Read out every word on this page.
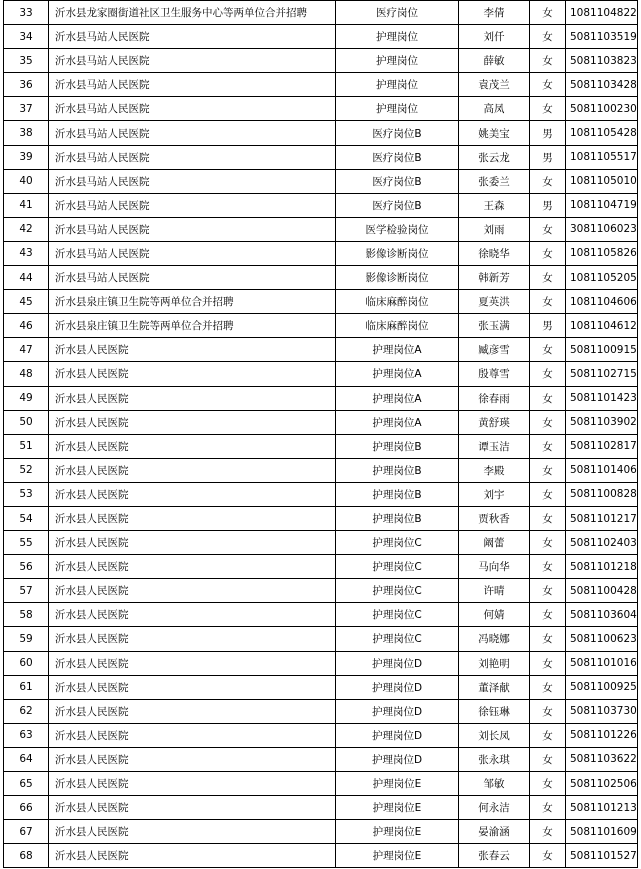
33	沂水县龙家圈街道社区卫生服务中心等两单位合并招聘	医疗岗位	李倩	女	1081104822
34	沂水县马站人民医院	护理岗位	刘仟	女	5081103519
35	沂水县马站人民医院	护理岗位	薛敏	女	5081103823
36	沂水县马站人民医院	护理岗位	袁茂兰	女	5081103428
37	沂水县马站人民医院	护理岗位	高凤	女	5081100230
38	沂水县马站人民医院	医疗岗位B	姚美宝	男	1081105428
39	沂水县马站人民医院	医疗岗位B	张云龙	男	1081105517
40	沂水县马站人民医院	医疗岗位B	张委兰	女	1081105010
41	沂水县马站人民医院	医疗岗位B	王森	男	1081104719
42	沂水县马站人民医院	医学检验岗位	刘雨	女	3081106023
43	沂水县马站人民医院	影像诊断岗位	徐晓华	女	1081105826
44	沂水县马站人民医院	影像诊断岗位	韩新芳	女	1081105205
45	沂水县泉庄镇卫生院等两单位合并招聘	临床麻醉岗位	夏英洪	女	1081104606
46	沂水县泉庄镇卫生院等两单位合并招聘	临床麻醉岗位	张玉满	男	1081104612
47	沂水县人民医院	护理岗位A	臧彦雪	女	5081100915
48	沂水县人民医院	护理岗位A	殷尊雪	女	5081102715
49	沂水县人民医院	护理岗位A	徐春雨	女	5081101423
50	沂水县人民医院	护理岗位A	黄舒瑛	女	5081103902
51	沂水县人民医院	护理岗位B	谭玉洁	女	5081102817
52	沂水县人民医院	护理岗位B	李殿	女	5081101406
53	沂水县人民医院	护理岗位B	刘宇	女	5081100828
54	沂水县人民医院	护理岗位B	贾秋香	女	5081101217
55	沂水县人民医院	护理岗位C	阚蕾	女	5081102403
56	沂水县人民医院	护理岗位C	马向华	女	5081101218
57	沂水县人民医院	护理岗位C	许晴	女	5081100428
58	沂水县人民医院	护理岗位C	何婧	女	5081103604
59	沂水县人民医院	护理岗位C	冯晓娜	女	5081100623
60	沂水县人民医院	护理岗位D	刘艳明	女	5081101016
61	沂水县人民医院	护理岗位D	董泽献	女	5081100925
62	沂水县人民医院	护理岗位D	徐钰琳	女	5081103730
63	沂水县人民医院	护理岗位D	刘长凤	女	5081101226
64	沂水县人民医院	护理岗位D	张永琪	女	5081103622
65	沂水县人民医院	护理岗位E	邹敏	女	5081102506
66	沂水县人民医院	护理岗位E	何永洁	女	5081101213
67	沂水县人民医院	护理岗位E	晏渝涵	女	5081101609
68	沂水县人民医院	护理岗位E	张春云	女	5081101527
